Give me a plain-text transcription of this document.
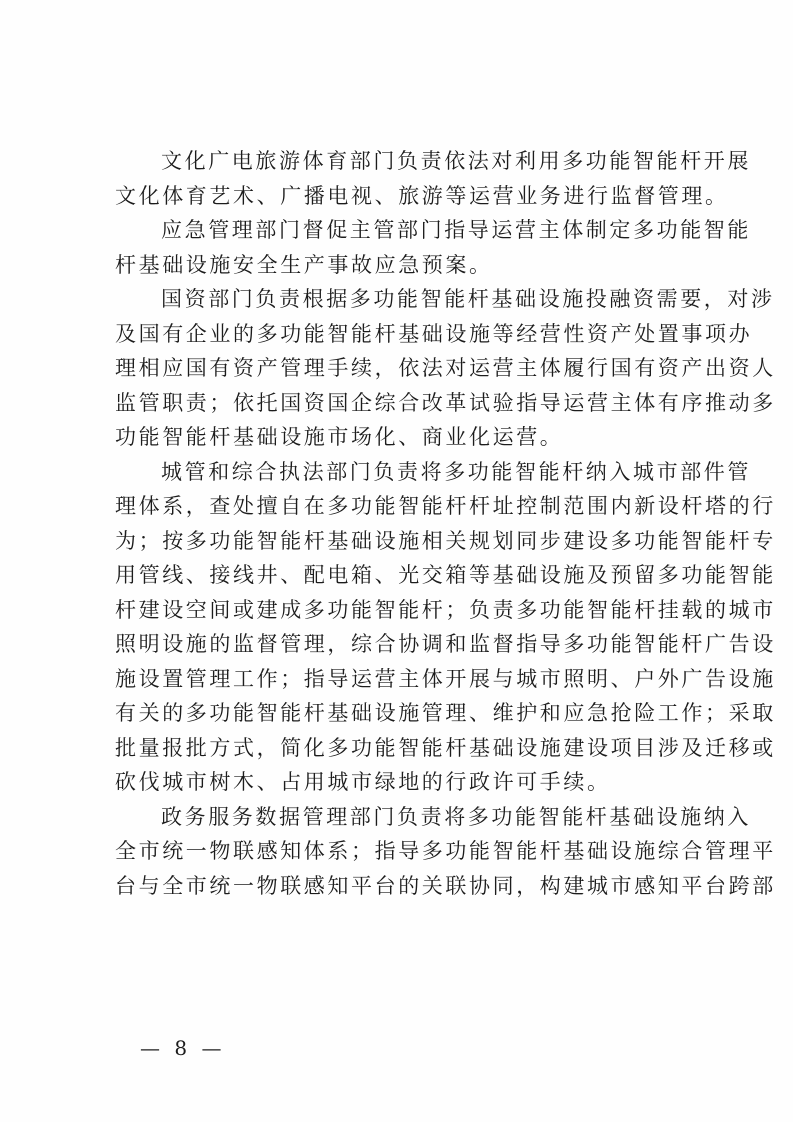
文化广电旅游体育部门负责依法对利用多功能智能杆开展
文化体育艺术、广播电视、旅游等运营业务进行监督管理。
应急管理部门督促主管部门指导运营主体制定多功能智能
杆基础设施安全生产事故应急预案。
国资部门负责根据多功能智能杆基础设施投融资需要，对涉
及国有企业的多功能智能杆基础设施等经营性资产处置事项办
理相应国有资产管理手续，依法对运营主体履行国有资产出资人
监管职责；依托国资国企综合改革试验指导运营主体有序推动多
功能智能杆基础设施市场化、商业化运营。
城管和综合执法部门负责将多功能智能杆纳入城市部件管
理体系，查处擅自在多功能智能杆杆址控制范围内新设杆塔的行
为；按多功能智能杆基础设施相关规划同步建设多功能智能杆专
用管线、接线井、配电箱、光交箱等基础设施及预留多功能智能
杆建设空间或建成多功能智能杆；负责多功能智能杆挂载的城市
照明设施的监督管理，综合协调和监督指导多功能智能杆广告设
施设置管理工作；指导运营主体开展与城市照明、户外广告设施
有关的多功能智能杆基础设施管理、维护和应急抢险工作；采取
批量报批方式，简化多功能智能杆基础设施建设项目涉及迁移或
砍伐城市树木、占用城市绿地的行政许可手续。
政务服务数据管理部门负责将多功能智能杆基础设施纳入
全市统一物联感知体系；指导多功能智能杆基础设施综合管理平
台与全市统一物联感知平台的关联协同，构建城市感知平台跨部
— 8 —
